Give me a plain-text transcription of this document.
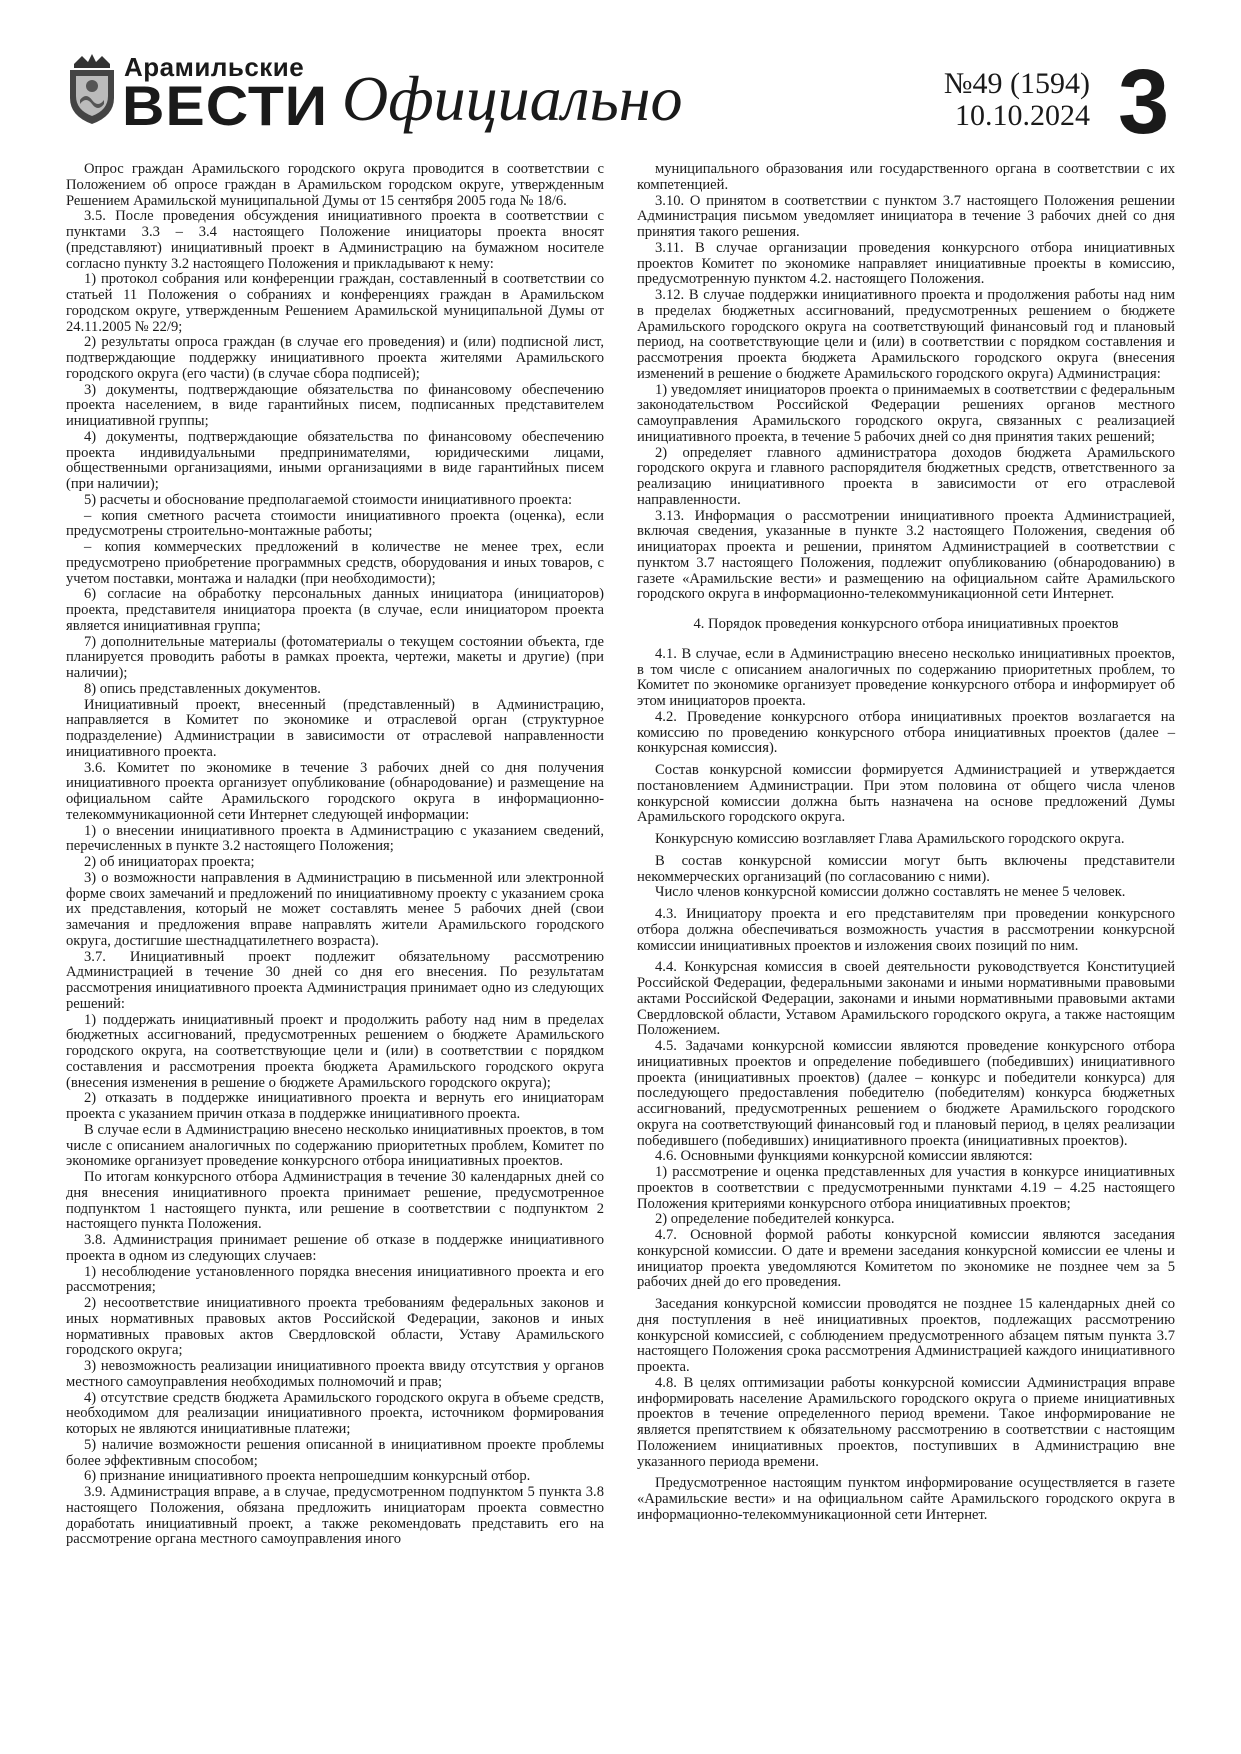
Арамильские
ВЕСТИ Официально	№49 (1594)
10.10.2024 3

Опрос граждан Арамильского городского округа проводится в соответствии с Положением об опросе граждан в Арамильском городском округе, утвержденным Решением Арамильской муниципальной Думы от 15 сентября 2005 года № 18/6.

3.5. После проведения обсуждения инициативного проекта в соответствии с пунктами 3.3 – 3.4 настоящего Положение инициаторы проекта вносят (представляют) инициативный проект в Администрацию на бумажном носителе согласно пункту 3.2 настоящего Положения и прикладывают к нему:

1) протокол собрания или конференции граждан, составленный в соответствии со статьей 11 Положения о собраниях и конференциях граждан в Арамильском городском округе, утвержденным Решением Арамильской муниципальной Думы от 24.11.2005 № 22/9;

2) результаты опроса граждан (в случае его проведения) и (или) подписной лист, подтверждающие поддержку инициативного проекта жителями Арамильского городского округа (его части) (в случае сбора подписей);

3) документы, подтверждающие обязательства по финансовому обеспечению проекта населением, в виде гарантийных писем, подписанных представителем инициативной группы;

4) документы, подтверждающие обязательства по финансовому обеспечению проекта индивидуальными предпринимателями, юридическими лицами, общественными организациями, иными организациями в виде гарантийных писем (при наличии);

5) расчеты и обоснование предполагаемой стоимости инициативного проекта:

– копия сметного расчета стоимости инициативного проекта (оценка), если предусмотрены строительно-монтажные работы;

– копия коммерческих предложений в количестве не менее трех, если предусмотрено приобретение программных средств, оборудования и иных товаров, с учетом поставки, монтажа и наладки (при необходимости);

6) согласие на обработку персональных данных инициатора (инициаторов) проекта, представителя инициатора проекта (в случае, если инициатором проекта является инициативная группа;

7) дополнительные материалы (фотоматериалы о текущем состоянии объекта, где планируется проводить работы в рамках проекта, чертежи, макеты и другие) (при наличии);

8) опись представленных документов.

Инициативный проект, внесенный (представленный) в Администрацию, направляется в Комитет по экономике и отраслевой орган (структурное подразделение) Администрации в зависимости от отраслевой направленности инициативного проекта.

3.6. Комитет по экономике в течение 3 рабочих дней со дня получения инициативного проекта организует опубликование (обнародование) и размещение на официальном сайте Арамильского городского округа в информационно-телекоммуникационной сети Интернет следующей информации:

1) о внесении инициативного проекта в Администрацию с указанием сведений, перечисленных в пункте 3.2 настоящего Положения;

2) об инициаторах проекта;

3) о возможности направления в Администрацию в письменной или электронной форме своих замечаний и предложений по инициативному проекту с указанием срока их представления, который не может составлять менее 5 рабочих дней (свои замечания и предложения вправе направлять жители Арамильского городского округа, достигшие шестнадцатилетнего возраста).

3.7. Инициативный проект подлежит обязательному рассмотрению Администрацией в течение 30 дней со дня его внесения. По результатам рассмотрения инициативного проекта Администрация принимает одно из следующих решений:

1) поддержать инициативный проект и продолжить работу над ним в пределах бюджетных ассигнований, предусмотренных решением о бюджете Арамильского городского округа, на соответствующие цели и (или) в соответствии с порядком составления и рассмотрения проекта бюджета Арамильского городского округа (внесения изменения в решение о бюджете Арамильского городского округа);

2) отказать в поддержке инициативного проекта и вернуть его инициаторам проекта с указанием причин отказа в поддержке инициативного проекта.

В случае если в Администрацию внесено несколько инициативных проектов, в том числе с описанием аналогичных по содержанию приоритетных проблем, Комитет по экономике организует проведение конкурсного отбора инициативных проектов.

По итогам конкурсного отбора Администрация в течение 30 календарных дней со дня внесения инициативного проекта принимает решение, предусмотренное подпунктом 1 настоящего пункта, или решение в соответствии с подпунктом 2 настоящего пункта Положения.

3.8. Администрация принимает решение об отказе в поддержке инициативного проекта в одном из следующих случаев:

1) несоблюдение установленного порядка внесения инициативного проекта и его рассмотрения;

2) несоответствие инициативного проекта требованиям федеральных законов и иных нормативных правовых актов Российской Федерации, законов и иных нормативных правовых актов Свердловской области, Уставу Арамильского городского округа;

3) невозможность реализации инициативного проекта ввиду отсутствия у органов местного самоуправления необходимых полномочий и прав;

4) отсутствие средств бюджета Арамильского городского округа в объеме средств, необходимом для реализации инициативного проекта, источником формирования которых не являются инициативные платежи;

5) наличие возможности решения описанной в инициативном проекте проблемы более эффективным способом;

6) признание инициативного проекта непрошедшим конкурсный отбор.

3.9. Администрация вправе, а в случае, предусмотренном подпунктом 5 пункта 3.8 настоящего Положения, обязана предложить инициаторам проекта совместно доработать инициативный проект, а также рекомендовать представить его на рассмотрение органа местного самоуправления иного

муниципального образования или государственного органа в соответствии с их компетенцией.

3.10. О принятом в соответствии с пунктом 3.7 настоящего Положения решении Администрация письмом уведомляет инициатора в течение 3 рабочих дней со дня принятия такого решения.

3.11. В случае организации проведения конкурсного отбора инициативных проектов Комитет по экономике направляет инициативные проекты в комиссию, предусмотренную пунктом 4.2. настоящего Положения.

3.12. В случае поддержки инициативного проекта и продолжения работы над ним в пределах бюджетных ассигнований, предусмотренных решением о бюджете Арамильского городского округа на соответствующий финансовый год и плановый период, на соответствующие цели и (или) в соответствии с порядком составления и рассмотрения проекта бюджета Арамильского городского округа (внесения изменений в решение о бюджете Арамильского городского округа) Администрация:

1) уведомляет инициаторов проекта о принимаемых в соответствии с федеральным законодательством Российской Федерации решениях органов местного самоуправления Арамильского городского округа, связанных с реализацией инициативного проекта, в течение 5 рабочих дней со дня принятия таких решений;

2) определяет главного администратора доходов бюджета Арамильского городского округа и главного распорядителя бюджетных средств, ответственного за реализацию инициативного проекта в зависимости от его отраслевой направленности.

3.13. Информация о рассмотрении инициативного проекта Администрацией, включая сведения, указанные в пункте 3.2 настоящего Положения, сведения об инициаторах проекта и решении, принятом Администрацией в соответствии с пунктом 3.7 настоящего Положения, подлежит опубликованию (обнародованию) в газете «Арамильские вести» и размещению на официальном сайте Арамильского городского округа в информационно-телекоммуникационной сети Интернет.

4. Порядок проведения конкурсного отбора инициативных проектов

4.1. В случае, если в Администрацию внесено несколько инициативных проектов, в том числе с описанием аналогичных по содержанию приоритетных проблем, то Комитет по экономике организует проведение конкурсного отбора и информирует об этом инициаторов проекта.

4.2. Проведение конкурсного отбора инициативных проектов возлагается на комиссию по проведению конкурсного отбора инициативных проектов (далее – конкурсная комиссия).

Состав конкурсной комиссии формируется Администрацией и утверждается постановлением Администрации. При этом половина от общего числа членов конкурсной комиссии должна быть назначена на основе предложений Думы Арамильского городского округа.

Конкурсную комиссию возглавляет Глава Арамильского городского округа.

В состав конкурсной комиссии могут быть включены представители некоммерческих организаций (по согласованию с ними).

Число членов конкурсной комиссии должно составлять не менее 5 человек.

4.3. Инициатору проекта и его представителям при проведении конкурсного отбора должна обеспечиваться возможность участия в рассмотрении конкурсной комиссии инициативных проектов и изложения своих позиций по ним.

4.4. Конкурсная комиссия в своей деятельности руководствуется Конституцией Российской Федерации, федеральными законами и иными нормативными правовыми актами Российской Федерации, законами и иными нормативными правовыми актами Свердловской области, Уставом Арамильского городского округа, а также настоящим Положением.

4.5. Задачами конкурсной комиссии являются проведение конкурсного отбора инициативных проектов и определение победившего (победивших) инициативного проекта (инициативных проектов) (далее – конкурс и победители конкурса) для последующего предоставления победителю (победителям) конкурса бюджетных ассигнований, предусмотренных решением о бюджете Арамильского городского округа на соответствующий финансовый год и плановый период, в целях реализации победившего (победивших) инициативного проекта (инициативных проектов).

4.6. Основными функциями конкурсной комиссии являются:

1) рассмотрение и оценка представленных для участия в конкурсе инициативных проектов в соответствии с предусмотренными пунктами 4.19 – 4.25 настоящего Положения критериями конкурсного отбора инициативных проектов;

2) определение победителей конкурса.

4.7. Основной формой работы конкурсной комиссии являются заседания конкурсной комиссии. О дате и времени заседания конкурсной комиссии ее члены и инициатор проекта уведомляются Комитетом по экономике не позднее чем за 5 рабочих дней до его проведения.

Заседания конкурсной комиссии проводятся не позднее 15 календарных дней со дня поступления в неё инициативных проектов, подлежащих рассмотрению конкурсной комиссией, с соблюдением предусмотренного абзацем пятым пункта 3.7 настоящего Положения срока рассмотрения Администрацией каждого инициативного проекта.

4.8. В целях оптимизации работы конкурсной комиссии Администрация вправе информировать население Арамильского городского округа о приеме инициативных проектов в течение определенного период времени. Такое информирование не является препятствием к обязательному рассмотрению в соответствии с настоящим Положением инициативных проектов, поступивших в Администрацию вне указанного периода времени.

Предусмотренное настоящим пунктом информирование осуществляется в газете «Арамильские вести» и на официальном сайте Арамильского городского округа в информационно-телекоммуникационной сети Интернет.
